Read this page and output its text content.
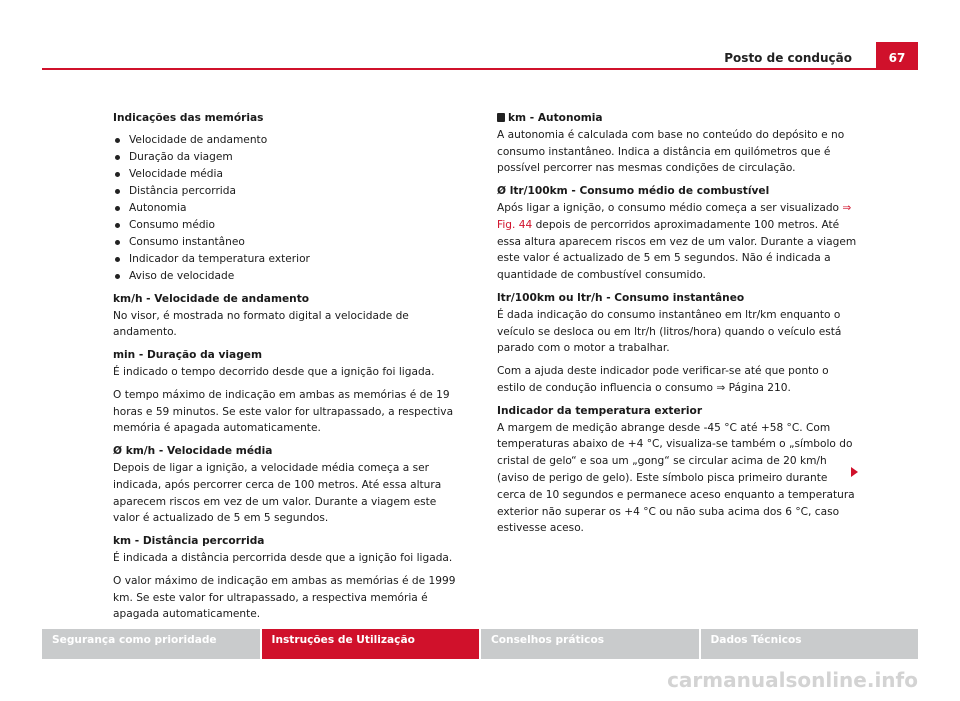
Posto de condução	67

Indicações das memórias

Velocidade de andamento
Duração da viagem
Velocidade média
Distância percorrida
Autonomia
Consumo médio
Consumo instantâneo
Indicador da temperatura exterior
Aviso de velocidade

km/h - Velocidade de andamento

No visor, é mostrada no formato digital a velocidade de andamento.

min - Duração da viagem

É indicado o tempo decorrido desde que a ignição foi ligada.

O tempo máximo de indicação em ambas as memórias é de 19 horas e 59 minutos. Se este valor for ultrapassado, a respectiva memória é apagada automaticamente.

Ø km/h - Velocidade média

Depois de ligar a ignição, a velocidade média começa a ser indicada, após percorrer cerca de 100 metros. Até essa altura aparecem riscos em vez de um valor. Durante a viagem este valor é actualizado de 5 em 5 segundos.

km - Distância percorrida

É indicada a distância percorrida desde que a ignição foi ligada.

O valor máximo de indicação em ambas as memórias é de 1999 km. Se este valor for ultrapassado, a respectiva memória é apagada automaticamente.

km - Autonomia

A autonomia é calculada com base no conteúdo do depósito e no consumo instantâneo. Indica a distância em quilómetros que é possível percorrer nas mesmas condições de circulação.

Ø ltr/100km - Consumo médio de combustível

Após ligar a ignição, o consumo médio começa a ser visualizado ⇒ Fig. 44 depois de percorridos aproximadamente 100 metros. Até essa altura aparecem riscos em vez de um valor. Durante a viagem este valor é actualizado de 5 em 5 segundos. Não é indicada a quantidade de combustível consumido.

ltr/100km ou ltr/h - Consumo instantâneo

É dada indicação do consumo instantâneo em ltr/km enquanto o veículo se desloca ou em ltr/h (litros/hora) quando o veículo está parado com o motor a trabalhar.

Com a ajuda deste indicador pode verificar-se até que ponto o estilo de condução influencia o consumo ⇒ Página 210.

Indicador da temperatura exterior

A margem de medição abrange desde -45 °C até +58 °C. Com temperaturas abaixo de +4 °C, visualiza-se também o „símbolo do cristal de gelo“ e soa um „gong“ se circular acima de 20 km/h (aviso de perigo de gelo). Este símbolo pisca primeiro durante cerca de 10 segundos e permanece aceso enquanto a temperatura exterior não superar os +4 °C ou não suba acima dos 6 °C, caso estivesse aceso.

Segurança como prioridade	Instruções de Utilização	Conselhos práticos	Dados Técnicos
carmanualsonline.info
